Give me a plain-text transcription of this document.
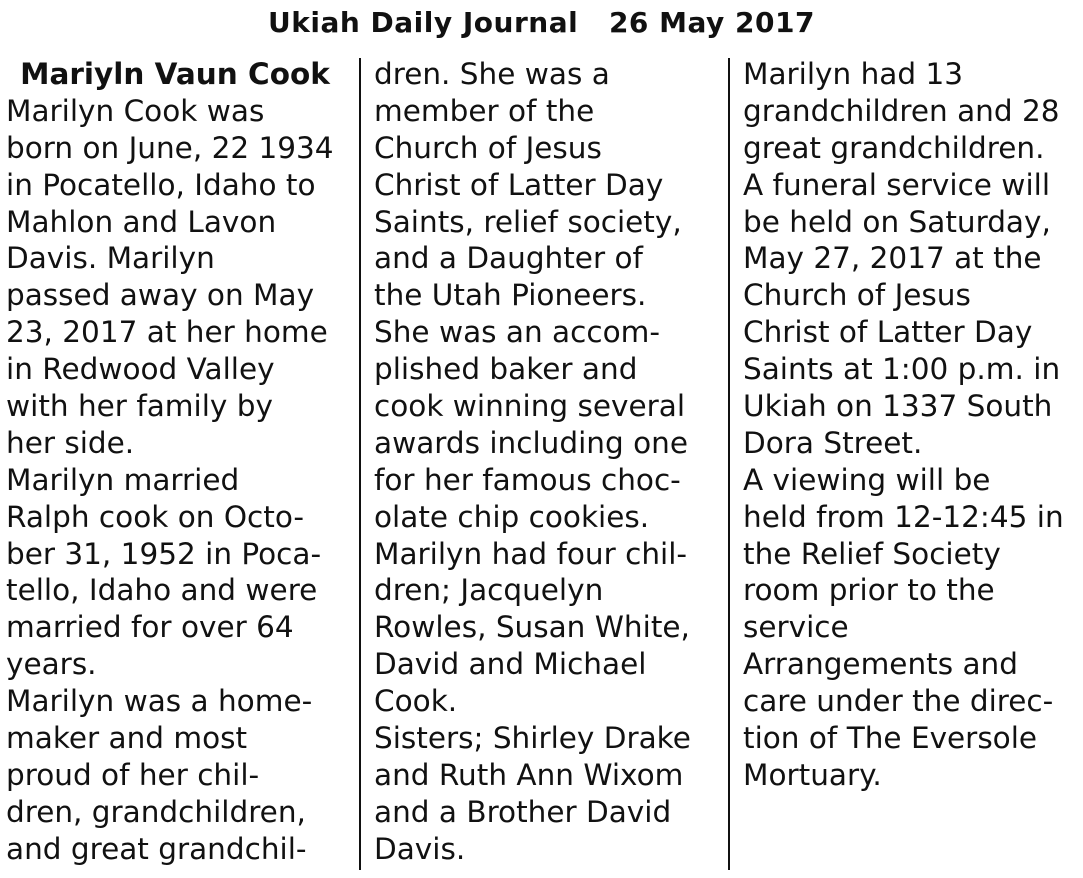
Ukiah Daily Journal 26 May 2017
Mariyln Vaun Cook
Marilyn Cook was
born on June, 22 1934
in Pocatello, Idaho to
Mahlon and Lavon
Davis. Marilyn
passed away on May
23, 2017 at her home
in Redwood Valley
with her family by
her side.
Marilyn married
Ralph cook on Octo-
ber 31, 1952 in Poca-
tello, Idaho and were
married for over 64
years.
Marilyn was a home-
maker and most
proud of her chil-
dren, grandchildren,
and great grandchil-
dren. She was a
member of the
Church of Jesus
Christ of Latter Day
Saints, relief society,
and a Daughter of
the Utah Pioneers.
She was an accom-
plished baker and
cook winning several
awards including one
for her famous choc-
olate chip cookies.
Marilyn had four chil-
dren; Jacquelyn
Rowles, Susan White,
David and Michael
Cook.
Sisters; Shirley Drake
and Ruth Ann Wixom
and a Brother David
Davis.
Marilyn had 13
grandchildren and 28
great grandchildren.
A funeral service will
be held on Saturday,
May 27, 2017 at the
Church of Jesus
Christ of Latter Day
Saints at 1:00 p.m. in
Ukiah on 1337 South
Dora Street.
A viewing will be
held from 12-12:45 in
the Relief Society
room prior to the
service
Arrangements and
care under the direc-
tion of The Eversole
Mortuary.
